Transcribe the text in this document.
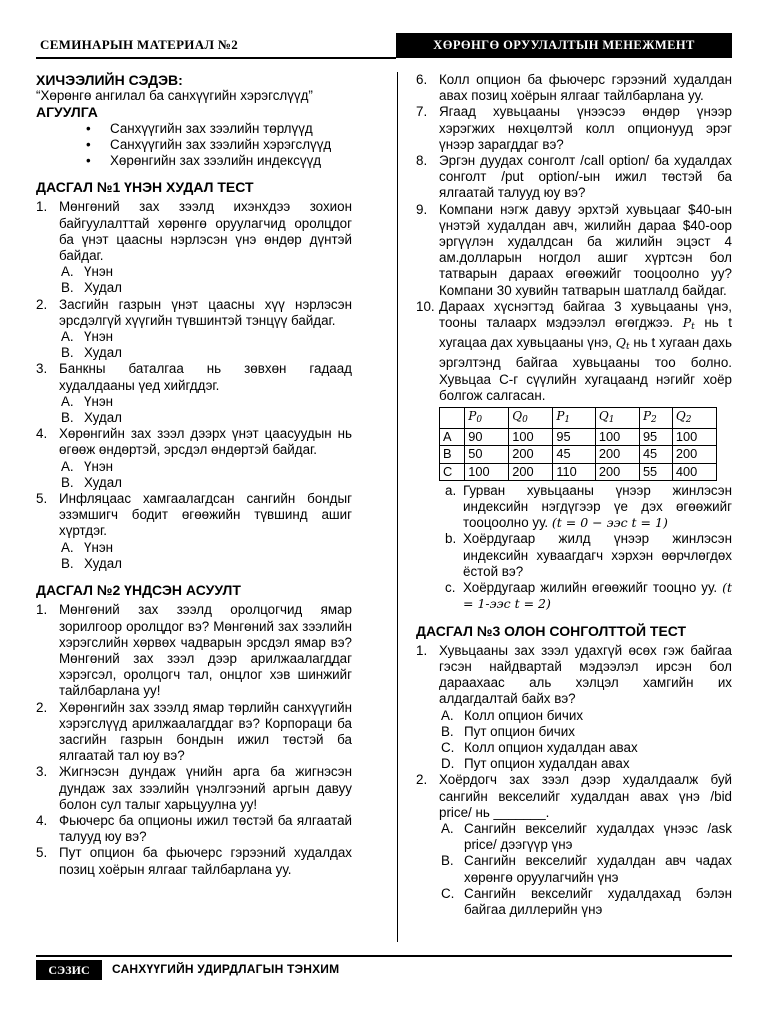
СЕМИНАРЫН МАТЕРИАЛ №2	ХӨРӨНГӨ ОРУУЛАЛТЫН МЕНЕЖМЕНТ
ХИЧЭЭЛИЙН СЭДЭВ:
“Хөрөнгө ангилал ба санхүүгийн хэрэгслүүд”
АГУУЛГА
• Санхүүгийн зах зээлийн төрлүүд
• Санхүүгийн зах зээлийн хэрэгслүүд
• Хөрөнгийн зах зээлийн индексүүд
ДАСГАЛ №1 ҮНЭН ХУДАЛ ТЕСТ
1. Мөнгөний зах зээлд ихэнхдээ зохион байгуулалттай хөрөнгө оруулагчид оролцдог ба үнэт цаасны нэрлэсэн үнэ өндөр дүнтэй байдаг.
A. Үнэн
B. Худал
2. Засгийн газрын үнэт цаасны хүү нэрлэсэн эрсдэлгүй хүүгийн түвшинтэй тэнцүү байдаг.
A. Үнэн
B. Худал
3. Банкны баталгаа нь зөвхөн гадаад худалдааны үед хийгддэг.
A. Үнэн
B. Худал
4. Хөрөнгийн зах зээл дээрх үнэт цаасуудын нь өгөөж өндөртэй, эрсдэл өндөртэй байдаг.
A. Үнэн
B. Худал
5. Инфляцаас хамгаалагдсан сангийн бондыг эзэмшигч бодит өгөөжийн түвшинд ашиг хүртдэг.
A. Үнэн
B. Худал
ДАСГАЛ №2 ҮНДСЭН АСУУЛТ
1. Мөнгөний зах зээлд оролцогчид ямар зорилгоор оролцдог вэ? Мөнгөний зах зээлийн хэрэгслийн хөрвөх чадварын эрсдэл ямар вэ? Мөнгөний зах зээл дээр арилжаалагддаг хэрэгсэл, оролцогч тал, онцлог хэв шинжийг тайлбарлана уу!
2. Хөрөнгийн зах зээлд ямар төрлийн санхүүгийн хэрэгслүүд арилжаалагддаг вэ? Корпораци ба засгийн газрын бондын ижил төстэй ба ялгаатай тал юу вэ?
3. Жигнэсэн дундаж үнийн арга ба жигнэсэн дундаж зах зээлийн үнэлгээний аргын давуу болон сул талыг харьцуулна уу!
4. Фьючерс ба опционы ижил төстэй ба ялгаатай талууд юу вэ?
5. Пут опцион ба фьючерс гэрээний худалдах позиц хоёрын ялгааг тайлбарлана уу.
6. Колл опцион ба фьючерс гэрээний худалдан авах позиц хоёрын ялгааг тайлбарлана уу.
7. Ягаад хувьцааны үнээсээ өндөр үнээр хэрэгжих нөхцөлтэй колл опционууд эрэг үнээр зарагддаг вэ?
8. Эргэн дуудах сонголт /call option/ ба худалдах сонголт /put option/-ын ижил төстэй ба ялгаатай талууд юу вэ?
9. Компани нэгж давуу эрхтэй хувьцааг $40-ын үнэтэй худалдан авч, жилийн дараа $40-оор эргүүлэн худалдсан ба жилийн эцэст 4 ам.долларын ногдол ашиг хүртсэн бол татварын дараах өгөөжийг тооцоолно уу? Компани 30 хувийн татварын шатлалд байдаг.
10. Дараах хүснэгтэд байгаа 3 хувьцааны үнэ, тооны талаарх мэдээлэл өгөгджээ. $P_t$ нь t хугацаа дах хувьцааны үнэ, $Q_t$ нь t хугаан дахь эргэлтэнд байгаа хувьцааны тоо болно. Хувьцаа С-г сүүлийн хугацаанд нэгийг хоёр болгож салгасан.
	$P_0$	$Q_0$	$P_1$	$Q_1$	$P_2$	$Q_2$
A	90	100	95	100	95	100
B	50	200	45	200	45	200
C	100	200	110	200	55	400
a. Гурван хувьцааны үнээр жинлэсэн индексийн нэгдүгээр үе дэх өгөөжийг тооцоолно уу. (t = 0 − ээс t = 1)
b. Хоёрдугаар жилд үнээр жинлэсэн индексийн хуваагдагч хэрхэн өөрчлөгдөх ёстой вэ?
c. Хоёрдугаар жилийн өгөөжийг тооцно уу. (t = 1-ээс t = 2)
ДАСГАЛ №3 ОЛОН СОНГОЛТТОЙ ТЕСТ
1. Хувьцааны зах зээл удахгүй өсөх гэж байгаа гэсэн найдвартай мэдээлэл ирсэн бол дараахаас аль хэлцэл хамгийн их алдагдалтай байх вэ?
A. Колл опцион бичих
B. Пут опцион бичих
C. Колл опцион худалдан авах
D. Пут опцион худалдан авах
2. Хоёрдогч зах зээл дээр худалдаалж буй сангийн векселийг худалдан авах үнэ /bid price/ нь _______.
A. Сангийн векселийг худалдах үнээс /ask price/ дээгүүр үнэ
B. Сангийн векселийг худалдан авч чадах хөрөнгө оруулагчийн үнэ
C. Сангийн векселийг худалдахад бэлэн байгаа диллерийн үнэ
СЭЗИС	САНХҮҮГИЙН УДИРДЛАГЫН ТЭНХИМ
